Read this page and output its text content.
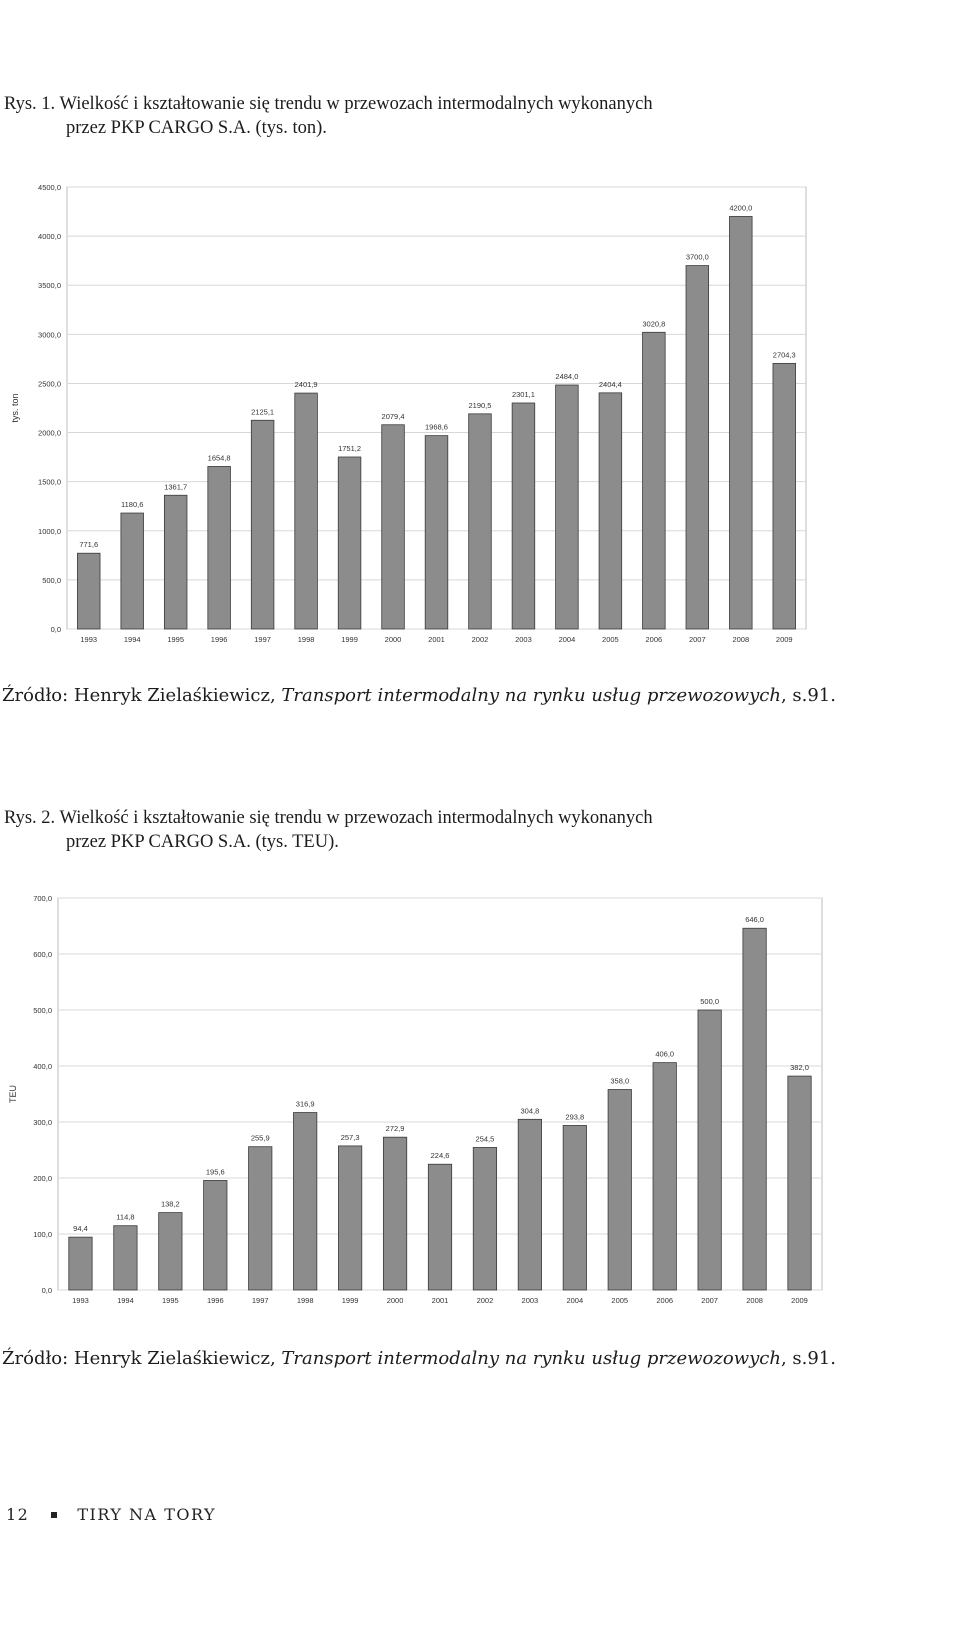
Rys. 1. Wielkość i kształtowanie się trendu w przewozach intermodalnych wykonanych
przez PKP CARGO S.A. (tys. ton).
0,0
500,0
1000,0
1500,0
2000,0
2500,0
3000,0
3500,0
4000,0
4500,0
tys. ton
771,6
1993
1180,6
1994
1361,7
1995
1654,8
1996
2125,1
1997
2401,9
1998
1751,2
1999
2079,4
2000
1968,6
2001
2190,5
2002
2301,1
2003
2484,0
2004
2404,4
2005
3020,8
2006
3700,0
2007
4200,0
2008
2704,3
2009
Źródło: Henryk Zielaśkiewicz, Transport intermodalny na rynku usług przewozowych, s.91.
Rys. 2. Wielkość i kształtowanie się trendu w przewozach intermodalnych wykonanych
przez PKP CARGO S.A. (tys. TEU).
0,0
100,0
200,0
300,0
400,0
500,0
600,0
700,0
TEU
94,4
1993
114,8
1994
138,2
1995
195,6
1996
255,9
1997
316,9
1998
257,3
1999
272,9
2000
224,6
2001
254,5
2002
304,8
2003
293,8
2004
358,0
2005
406,0
2006
500,0
2007
646,0
2008
382,0
2009
Źródło: Henryk Zielaśkiewicz, Transport intermodalny na rynku usług przewozowych, s.91.
12	TIRY NA TORY
